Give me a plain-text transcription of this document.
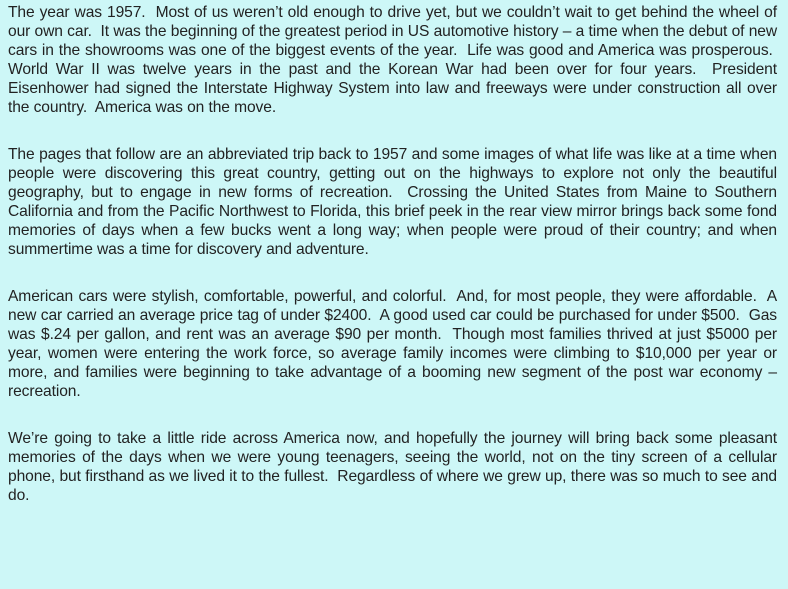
The year was 1957.  Most of us weren’t old enough to drive yet, but we couldn’t wait to get behind the wheel of our own car.  It was the beginning of the greatest period in US automotive history – a time when the debut of new cars in the showrooms was one of the biggest events of the year.  Life was good and America was prosperous.  World War II was twelve years in the past and the Korean War had been over for four years.  President Eisenhower had signed the Interstate Highway System into law and freeways were under construction all over the country.  America was on the move.

The pages that follow are an abbreviated trip back to 1957 and some images of what life was like at a time when people were discovering this great country, getting out on the highways to explore not only the beautiful geography, but to engage in new forms of recreation.  Crossing the United States from Maine to Southern California and from the Pacific Northwest to Florida, this brief peek in the rear view mirror brings back some fond memories of days when a few bucks went a long way; when people were proud of their country; and when summertime was a time for discovery and adventure.

American cars were stylish, comfortable, powerful, and colorful.  And, for most people, they were affordable.  A new car carried an average price tag of under $2400.  A good used car could be purchased for under $500.  Gas was $.24 per gallon, and rent was an average $90 per month.  Though most families thrived at just $5000 per year, women were entering the work force, so average family incomes were climbing to $10,000 per year or more, and families were beginning to take advantage of a booming new segment of the post war economy – recreation.

We’re going to take a little ride across America now, and hopefully the journey will bring back some pleasant memories of the days when we were young teenagers, seeing the world, not on the tiny screen of a cellular phone, but firsthand as we lived it to the fullest.  Regardless of where we grew up, there was so much to see and do.
